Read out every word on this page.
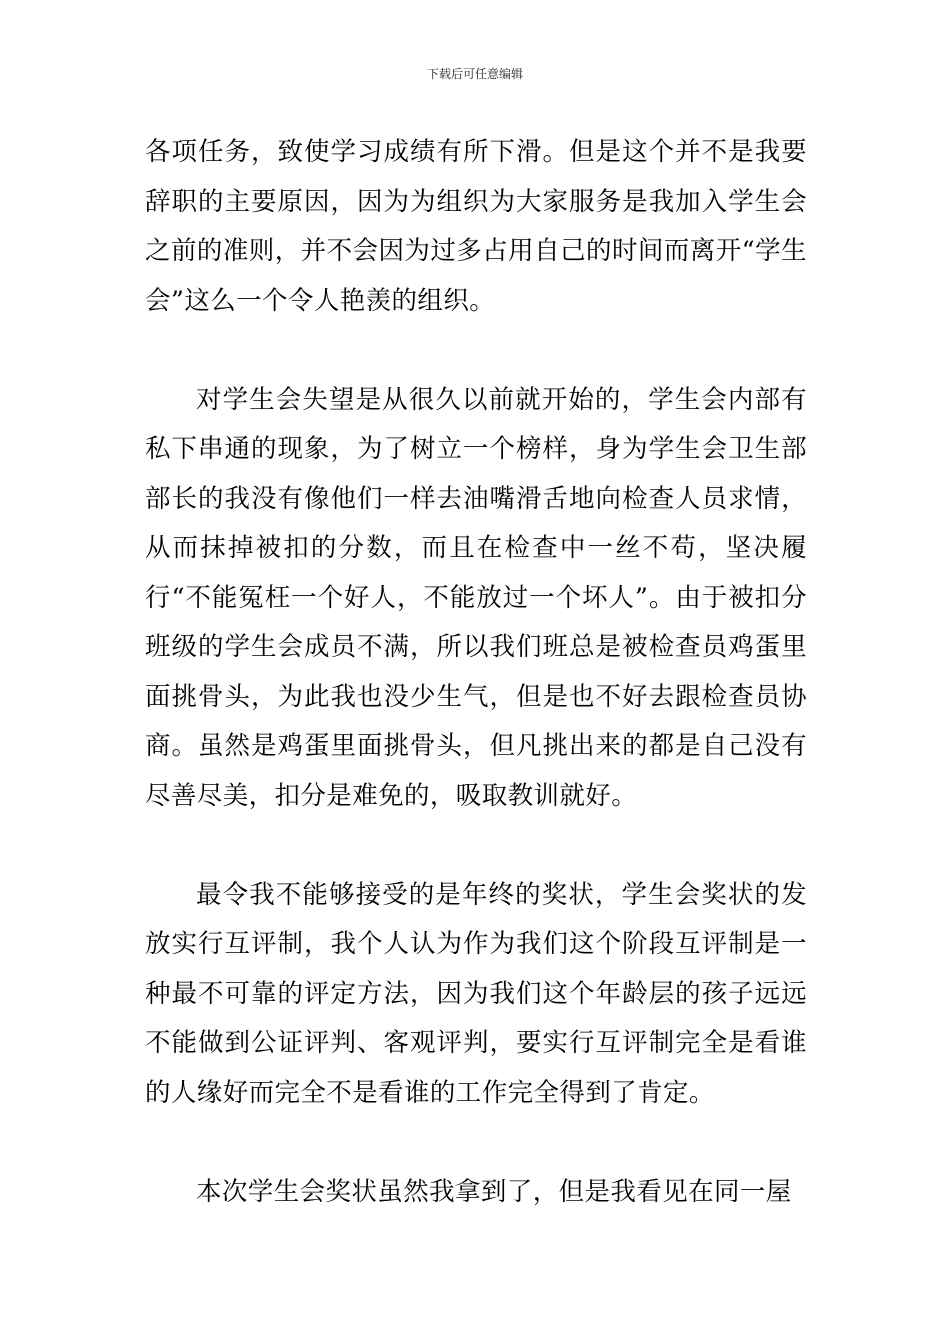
下载后可任意编辑

各项任务，致使学习成绩有所下滑。但是这个并不是我要辞职的主要原因，因为为组织为大家服务是我加入学生会之前的准则，并不会因为过多占用自己的时间而离开“学生会”这么一个令人艳羡的组织。

对学生会失望是从很久以前就开始的，学生会内部有私下串通的现象，为了树立一个榜样，身为学生会卫生部部长的我没有像他们一样去油嘴滑舌地向检查人员求情，从而抹掉被扣的分数，而且在检查中一丝不苟，坚决履行“不能冤枉一个好人，不能放过一个坏人”。由于被扣分班级的学生会成员不满，所以我们班总是被检查员鸡蛋里面挑骨头，为此我也没少生气，但是也不好去跟检查员协商。虽然是鸡蛋里面挑骨头，但凡挑出来的都是自己没有尽善尽美，扣分是难免的，吸取教训就好。

最令我不能够接受的是年终的奖状，学生会奖状的发放实行互评制，我个人认为作为我们这个阶段互评制是一种最不可靠的评定方法，因为我们这个年龄层的孩子远远不能做到公证评判、客观评判，要实行互评制完全是看谁的人缘好而完全不是看谁的工作完全得到了肯定。

本次学生会奖状虽然我拿到了，但是我看见在同一屋
